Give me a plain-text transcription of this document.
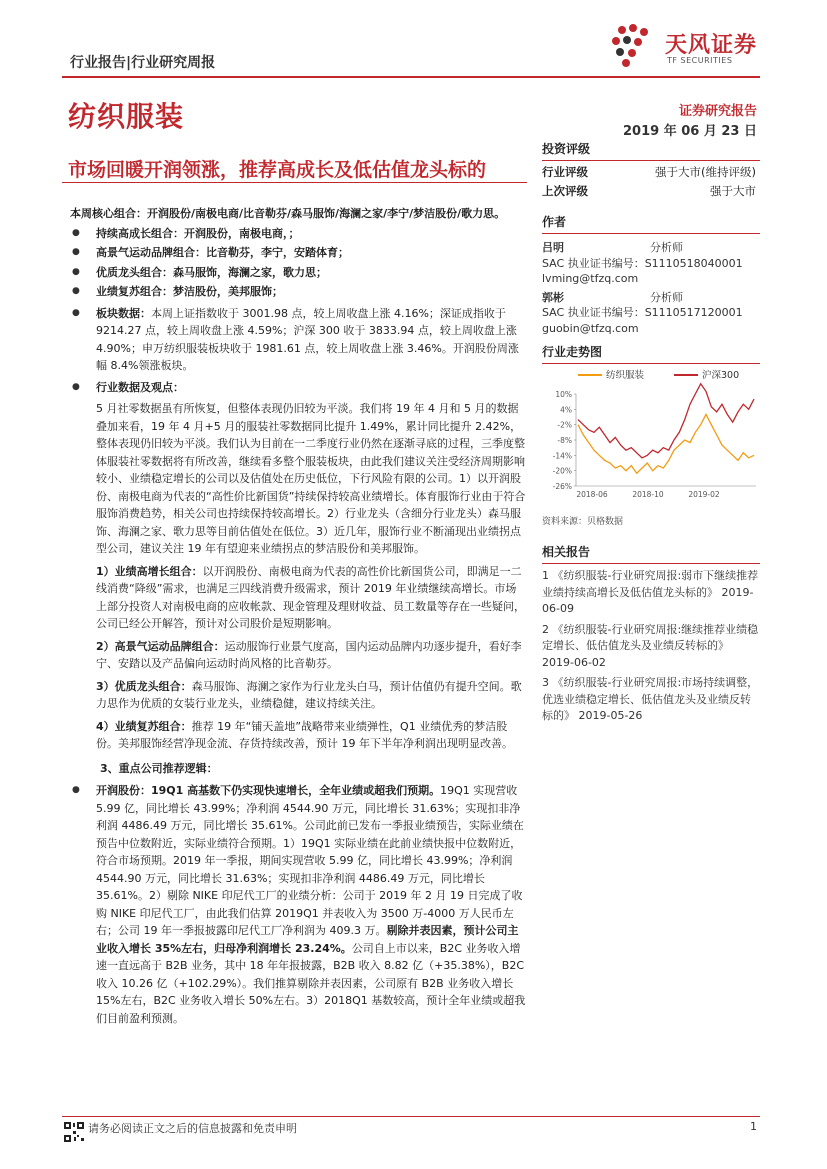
行业报告|行业研究周报
天风证券
TF SECURITIES
纺织服装	证券研究报告
2019 年 06 月 23 日
市场回暖开润领涨，推荐高成长及低估值龙头标的
本周核心组合：开润股份/南极电商/比音勒芬/森马服饰/海澜之家/李宁/梦洁股份/歌力思。
● 持续高成长组合：开润股份，南极电商，；
● 高景气运动品牌组合：比音勒芬，李宁，安踏体育；
● 优质龙头组合：森马服饰，海澜之家，歌力思；
● 业绩复苏组合：梦洁股份，美邦服饰；
● 板块数据：本周上证指数收于 3001.98 点，较上周收盘上涨 4.16%；深证成指收于 9214.27 点，较上周收盘上涨 4.59%；沪深 300 收于 3833.94 点，较上周收盘上涨 4.90%；申万纺织服装板块收于 1981.61 点，较上周收盘上涨 3.46%。开润股份周涨幅 8.4%领涨板块。
● 行业数据及观点：
5 月社零数据虽有所恢复，但整体表现仍旧较为平淡。我们将 19 年 4 月和 5 月的数据叠加来看，19 年 4 月+5 月的服装社零数据同比提升 1.49%，累计同比提升 2.42%，整体表现仍旧较为平淡。我们认为目前在一二季度行业仍然在逐渐寻底的过程，三季度整体服装社零数据将有所改善，继续看多整个服装板块，由此我们建议关注受经济周期影响较小、业绩稳定增长的公司以及估值处在历史低位，下行风险有限的公司。1）以开润股份、南极电商为代表的“高性价比新国货”持续保持较高业绩增长。体育服饰行业由于符合服饰消费趋势，相关公司也持续保持较高增长。2）行业龙头（含细分行业龙头）森马服饰、海澜之家、歌力思等目前估值处在低位。3）近几年，服饰行业不断涌现出业绩拐点型公司，建议关注 19 年有望迎来业绩拐点的梦洁股份和美邦服饰。
1）业绩高增长组合：以开润股份、南极电商为代表的高性价比新国货公司，即满足一二线消费“降级”需求，也满足三四线消费升级需求，预计 2019 年业绩继续高增长。市场上部分投资人对南极电商的应收帐款、现金管理及理财收益、员工数量等存在一些疑问，公司已经公开解答，预计对公司股价是短期影响。
2）高景气运动品牌组合：运动服饰行业景气度高，国内运动品牌内功逐步提升，看好李宁、安踏以及产品偏向运动时尚风格的比音勒芬。
3）优质龙头组合：森马服饰、海澜之家作为行业龙头白马，预计估值仍有提升空间。歌力思作为优质的女装行业龙头，业绩稳健，建议持续关注。
4）业绩复苏组合：推荐 19 年“铺天盖地”战略带来业绩弹性，Q1 业绩优秀的梦洁股份。美邦服饰经营净现金流、存货持续改善，预计 19 年下半年净利润出现明显改善。
3、重点公司推荐逻辑：
● 开润股份：19Q1 高基数下仍实现快速增长，全年业绩或超我们预期。19Q1 实现营收 5.99 亿，同比增长 43.99%；净利润 4544.90 万元，同比增长 31.63%；实现扣非净利润 4486.49 万元，同比增长 35.61%。公司此前已发布一季报业绩预告，实际业绩在预告中位数附近，实际业绩符合预期。1）19Q1 实际业绩在此前业绩快报中位数附近，符合市场预期。2019 年一季报，期间实现营收 5.99 亿，同比增长 43.99%；净利润 4544.90 万元，同比增长 31.63%；实现扣非净利润 4486.49 万元，同比增长 35.61%。2）剔除 NIKE 印尼代工厂的业绩分析：公司于 2019 年 2 月 19 日完成了收购 NIKE 印尼代工厂，由此我们估算 2019Q1 并表收入为 3500 万-4000 万人民币左右；公司 19 年一季报披露印尼代工厂净利润为 409.3 万。剔除并表因素，预计公司主业收入增长 35%左右，归母净利润增长 23.24%。公司自上市以来，B2C 业务收入增速一直远高于 B2B 业务，其中 18 年年报披露，B2B 收入 8.82 亿（+35.38%），B2C 收入 10.26 亿（+102.29%）。我们推算剔除并表因素，公司原有 B2B 业务收入增长 15%左右，B2C 业务收入增长 50%左右。3）2018Q1 基数较高，预计全年业绩或超我们目前盈利预测。
投资评级
行业评级	强于大市(维持评级)
上次评级	强于大市
作者
吕明	分析师
SAC 执业证书编号：S1110518040001
lvming@tfzq.com
郭彬	分析师
SAC 执业证书编号：S1110517120001
guobin@tfzq.com
行业走势图
纺织服装	沪深300
10%
4%
-2%
-8%
-14%
-20%
-26%
2018-06	2018-10	2019-02
资料来源：贝格数据
相关报告
1 《纺织服装-行业研究周报:弱市下继续推荐业绩持续高增长及低估值龙头标的》 2019-06-09
2 《纺织服装-行业研究周报:继续推荐业绩稳定增长、低估值龙头及业绩反转标的》 2019-06-02
3 《纺织服装-行业研究周报:市场持续调整，优选业绩稳定增长、低估值龙头及业绩反转标的》 2019-05-26
请务必阅读正文之后的信息披露和免责申明	1
